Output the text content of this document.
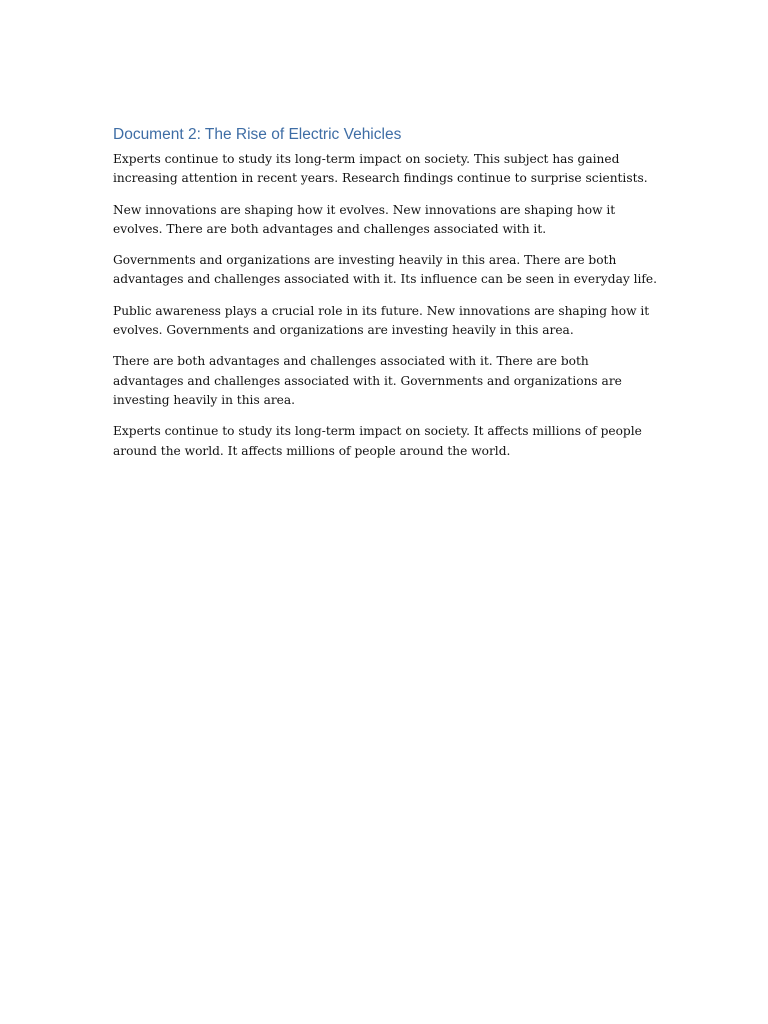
Document 2: The Rise of Electric Vehicles

Experts continue to study its long-term impact on society. This subject has gained increasing attention in recent years. Research findings continue to surprise scientists.

New innovations are shaping how it evolves. New innovations are shaping how it evolves. There are both advantages and challenges associated with it.

Governments and organizations are investing heavily in this area. There are both advantages and challenges associated with it. Its influence can be seen in everyday life.

Public awareness plays a crucial role in its future. New innovations are shaping how it evolves. Governments and organizations are investing heavily in this area.

There are both advantages and challenges associated with it. There are both advantages and challenges associated with it. Governments and organizations are investing heavily in this area.

Experts continue to study its long-term impact on society. It affects millions of people around the world. It affects millions of people around the world.
